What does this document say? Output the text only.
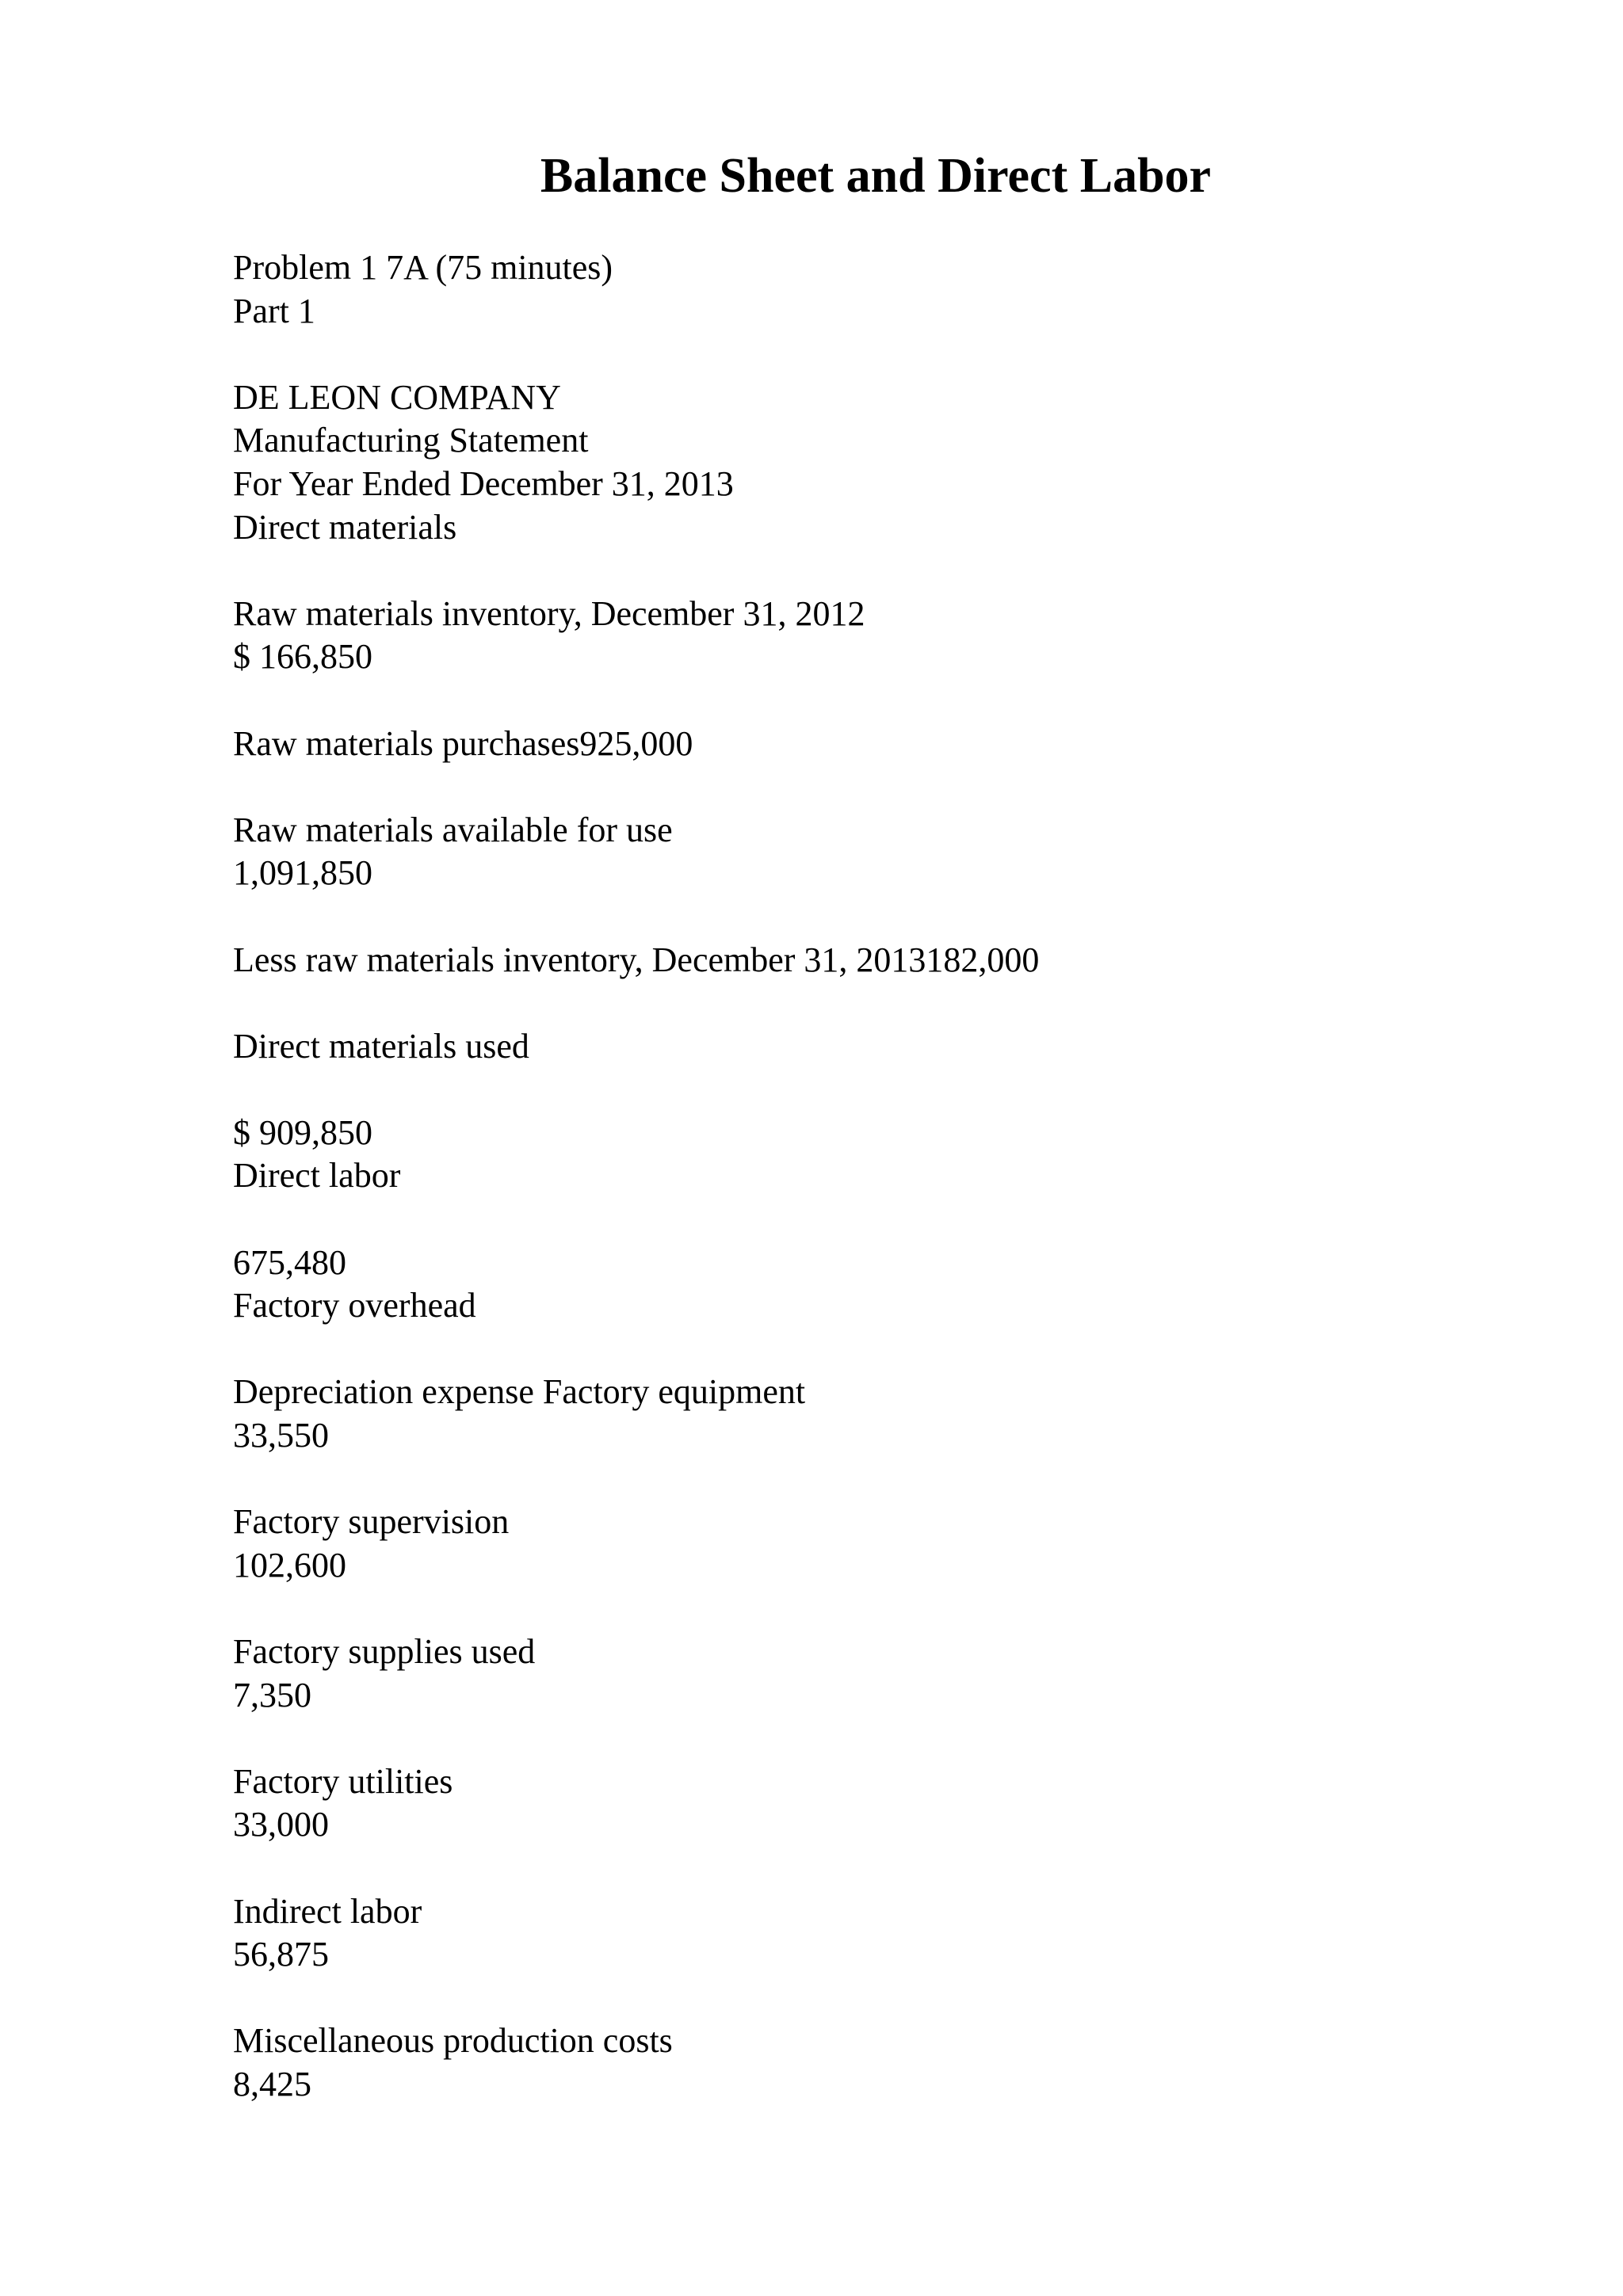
Balance Sheet and Direct Labor
Problem 1 7A (75 minutes)
Part 1
DE LEON COMPANY
Manufacturing Statement
For Year Ended December 31, 2013
Direct materials
Raw materials inventory, December 31, 2012
$ 166,850
Raw materials purchases925,000
Raw materials available for use
1,091,850
Less raw materials inventory, December 31, 2013182,000
Direct materials used
$ 909,850
Direct labor
675,480
Factory overhead
Depreciation expense Factory equipment
33,550
Factory supervision
102,600
Factory supplies used
7,350
Factory utilities
33,000
Indirect labor
56,875
Miscellaneous production costs
8,425
